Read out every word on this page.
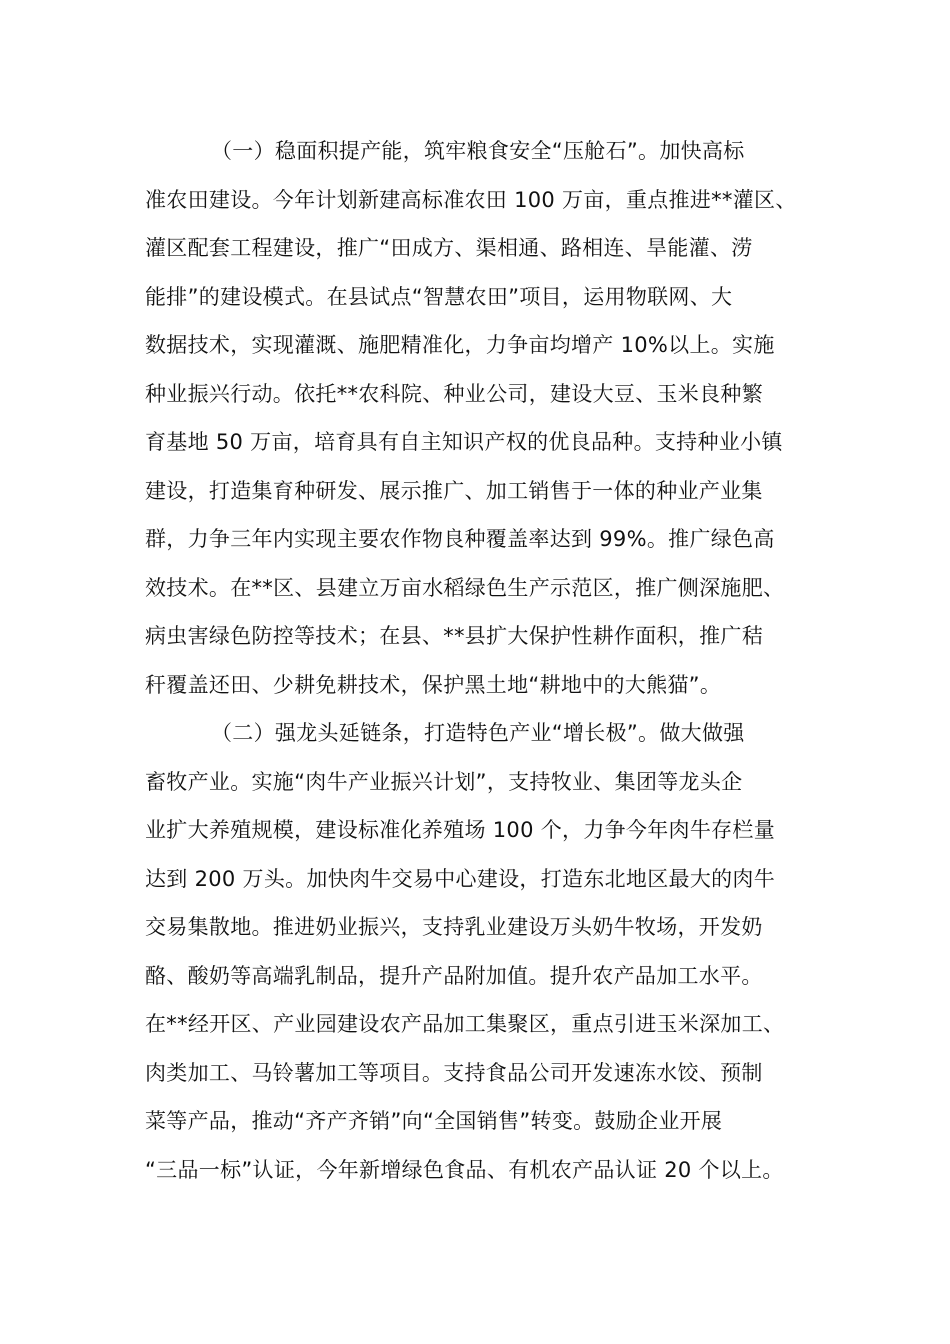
（一）稳面积提产能，筑牢粮食安全“压舱石”。加快高标
准农田建设。今年计划新建高标准农田 100 万亩，重点推进**灌区、
灌区配套工程建设，推广“田成方、渠相通、路相连、旱能灌、涝
能排”的建设模式。在县试点“智慧农田”项目，运用物联网、大
数据技术，实现灌溉、施肥精准化，力争亩均增产 10%以上。实施
种业振兴行动。依托**农科院、种业公司，建设大豆、玉米良种繁
育基地 50 万亩，培育具有自主知识产权的优良品种。支持种业小镇
建设，打造集育种研发、展示推广、加工销售于一体的种业产业集
群，力争三年内实现主要农作物良种覆盖率达到 99%。推广绿色高
效技术。在**区、县建立万亩水稻绿色生产示范区，推广侧深施肥、
病虫害绿色防控等技术；在县、**县扩大保护性耕作面积，推广秸
秆覆盖还田、少耕免耕技术，保护黑土地“耕地中的大熊猫”。
（二）强龙头延链条，打造特色产业“增长极”。做大做强
畜牧产业。实施“肉牛产业振兴计划”，支持牧业、集团等龙头企
业扩大养殖规模，建设标准化养殖场 100 个，力争今年肉牛存栏量
达到 200 万头。加快肉牛交易中心建设，打造东北地区最大的肉牛
交易集散地。推进奶业振兴，支持乳业建设万头奶牛牧场，开发奶
酪、酸奶等高端乳制品，提升产品附加值。提升农产品加工水平。
在**经开区、产业园建设农产品加工集聚区，重点引进玉米深加工、
肉类加工、马铃薯加工等项目。支持食品公司开发速冻水饺、预制
菜等产品，推动“齐产齐销”向“全国销售”转变。鼓励企业开展
“三品一标”认证，今年新增绿色食品、有机农产品认证 20 个以上。
